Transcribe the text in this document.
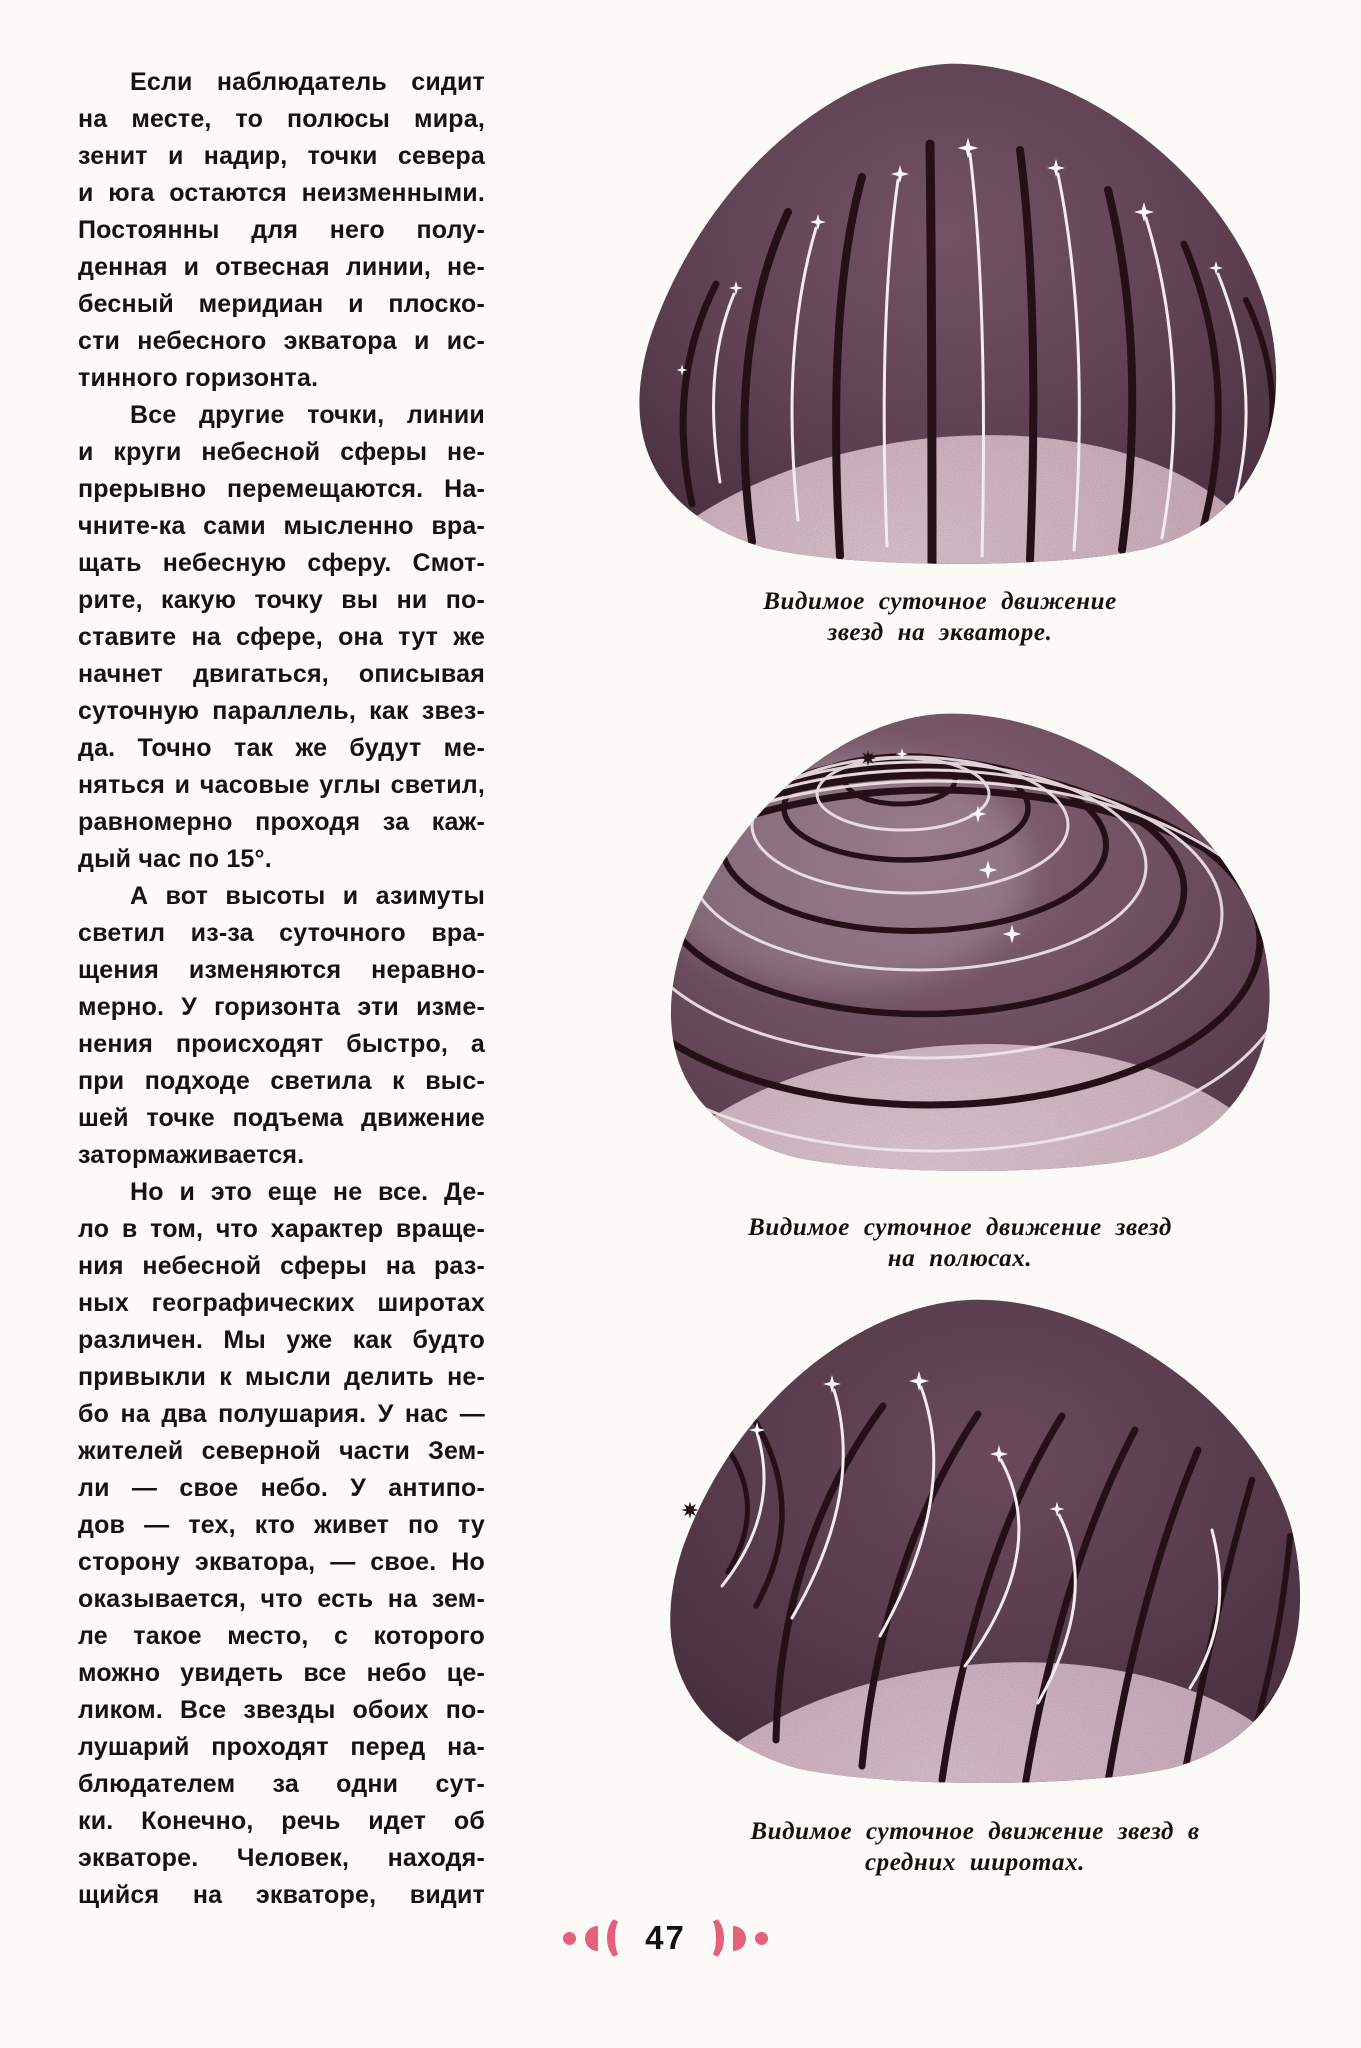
Если наблюдатель сидит
на месте, то полюсы мира,
зенит и надир, точки севера
и юга остаются неизменными.
Постоянны для него полу-
денная и отвесная линии, не-
бесный меридиан и плоско-
сти небесного экватора и ис-
тинного горизонта.
Все другие точки, линии
и круги небесной сферы не-
прерывно перемещаются. На-
чните-ка сами мысленно вра-
щать небесную сферу. Смот-
рите, какую точку вы ни по-
ставите на сфере, она тут же
начнет двигаться, описывая
суточную параллель, как звез-
да. Точно так же будут ме-
няться и часовые углы светил,
равномерно проходя за каж-
дый час по 15°.
А вот высоты и азимуты
светил из-за суточного вра-
щения изменяются неравно-
мерно. У горизонта эти изме-
нения происходят быстро, а
при подходе светила к выс-
шей точке подъема движение
затормаживается.
Но и это еще не все. Де-
ло в том, что характер враще-
ния небесной сферы на раз-
ных географических широтах
различен. Мы уже как будто
привыкли к мысли делить не-
бо на два полушария. У нас —
жителей северной части Зем-
ли — свое небо. У антипо-
дов — тех, кто живет по ту
сторону экватора, — свое. Но
оказывается, что есть на зем-
ле такое место, с которого
можно увидеть все небо це-
ликом. Все звезды обоих по-
лушарий проходят перед на-
блюдателем за одни сут-
ки. Конечно, речь идет об
экваторе. Человек, находя-
щийся на экваторе, видит
Видимое суточное движение
звезд на экваторе.
Видимое суточное движение звезд
на полюсах.
Видимое суточное движение звезд в
средних широтах.
47
